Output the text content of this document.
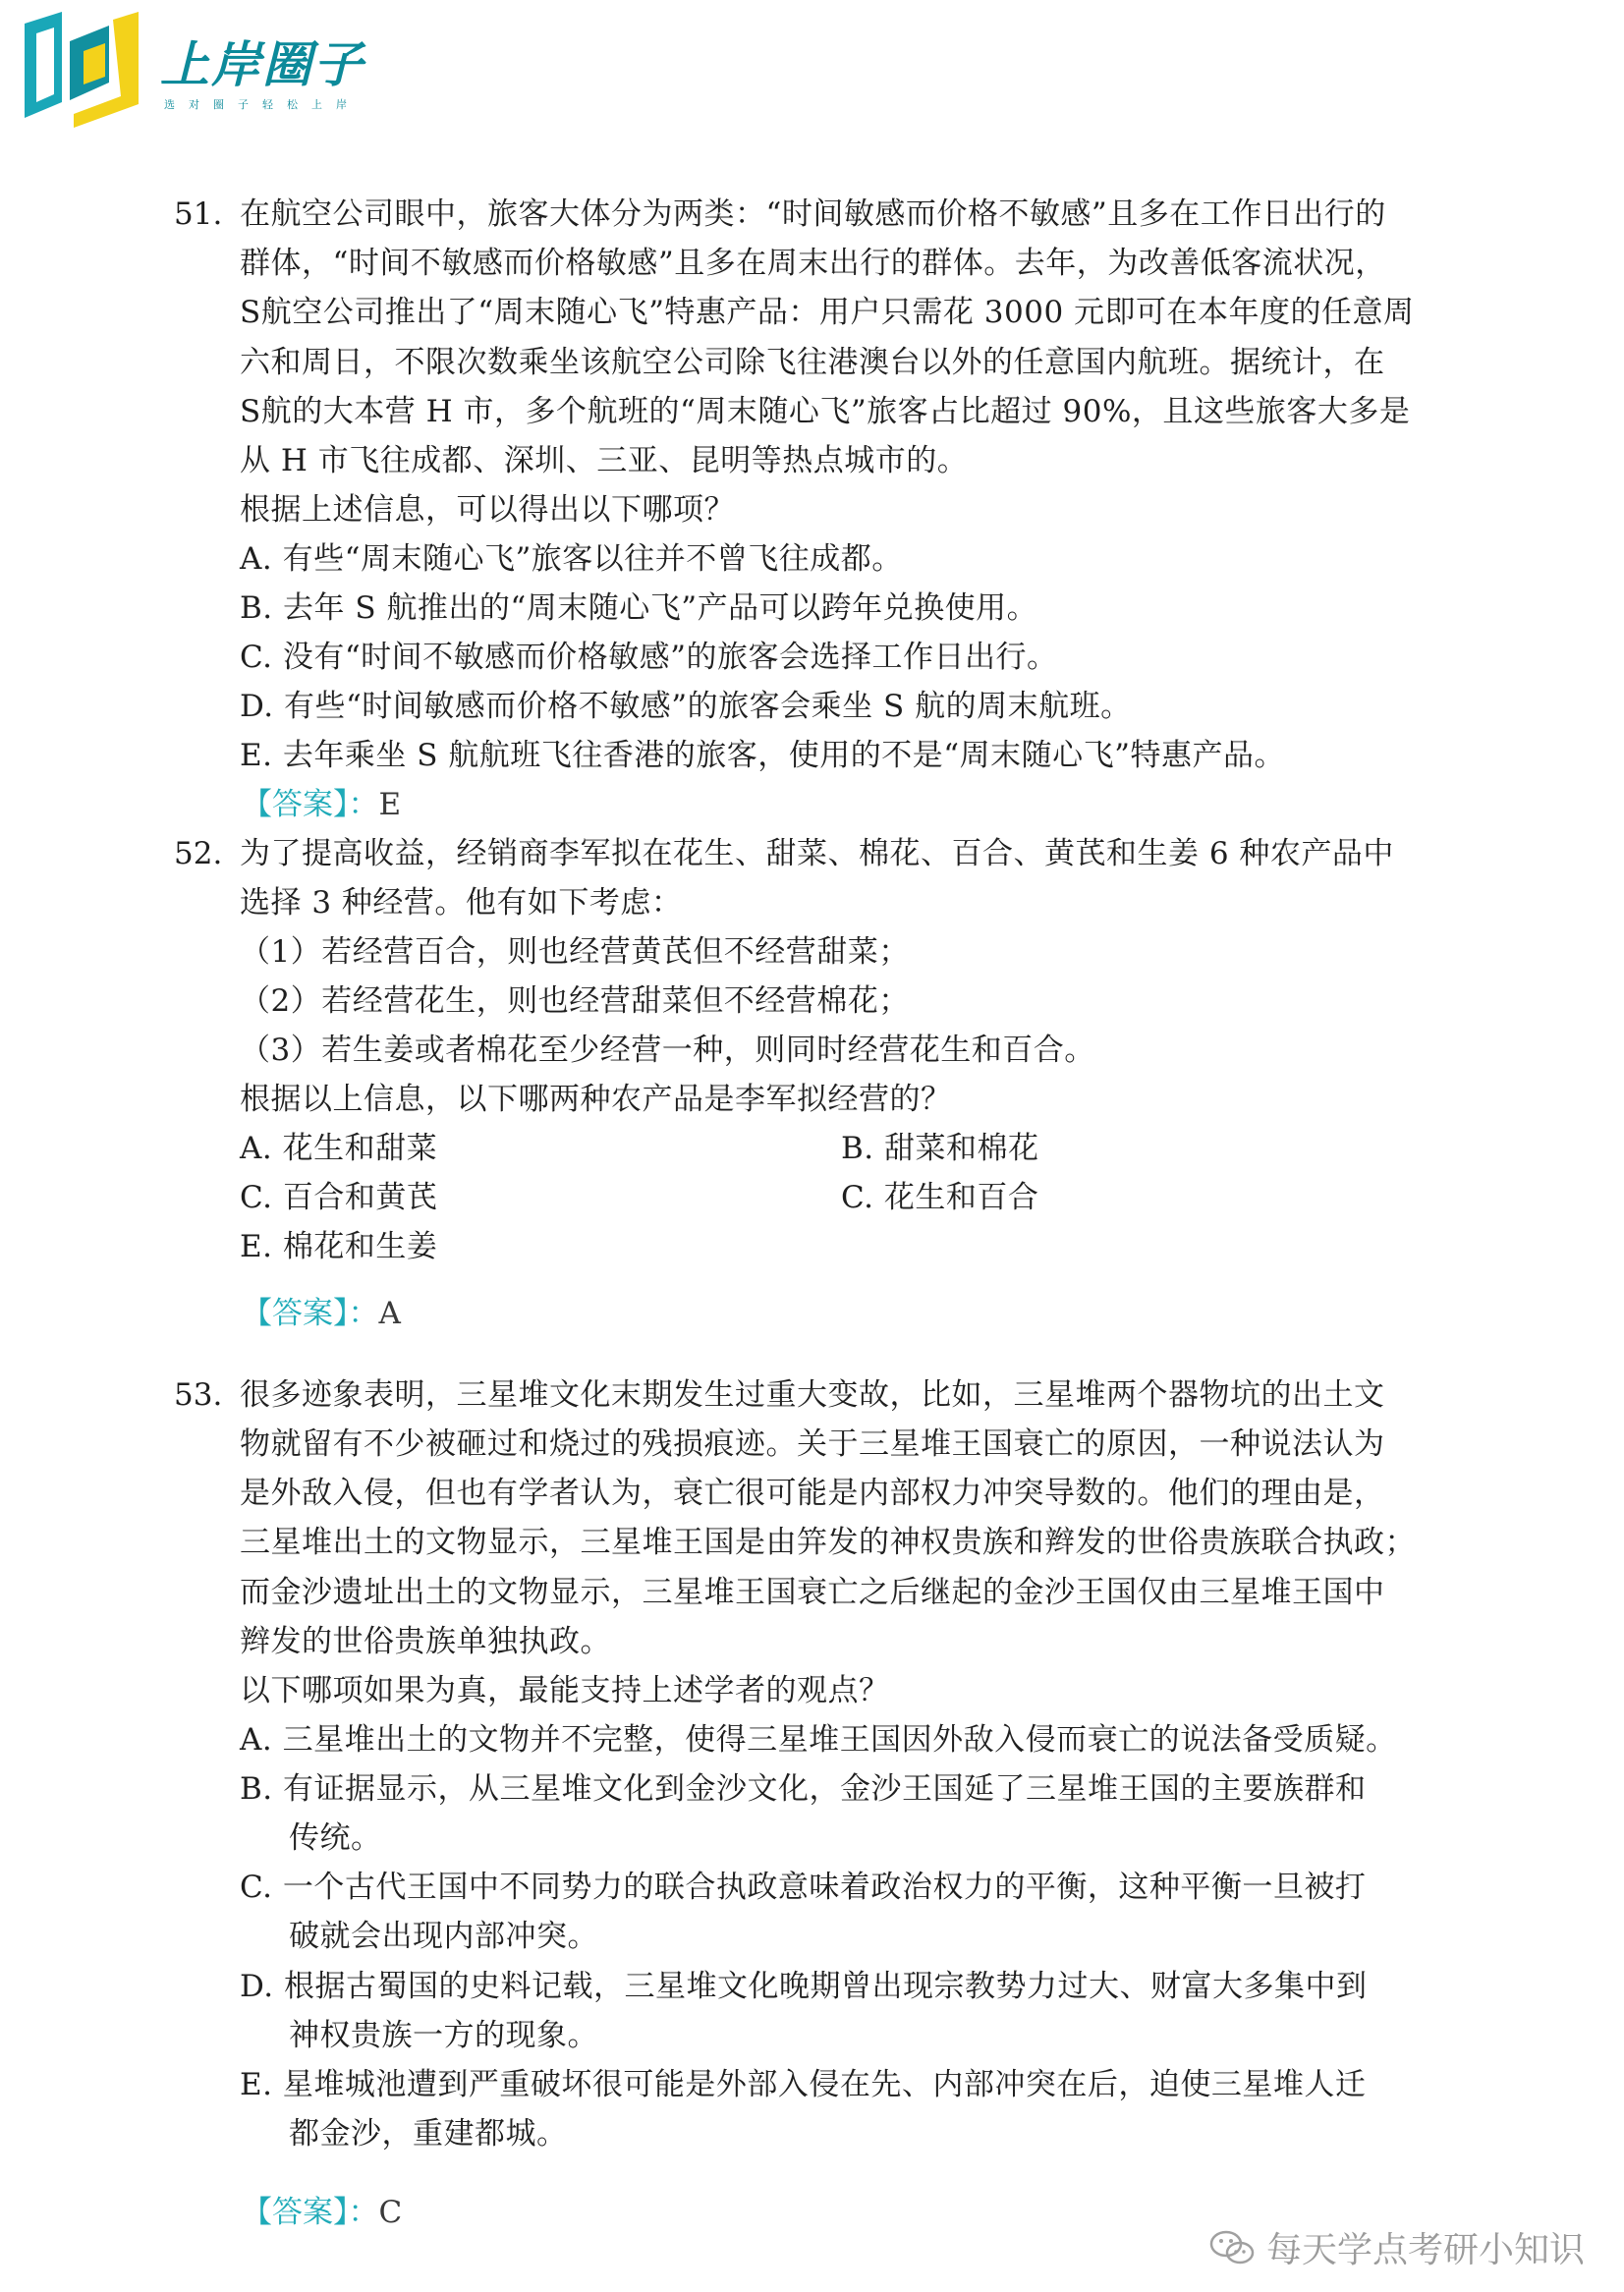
上岸圈子
选对圈子轻松上岸
51. 在航空公司眼中，旅客大体分为两类：“时间敏感而价格不敏感”且多在工作日出行的
群体，“时间不敏感而价格敏感”且多在周末出行的群体。去年，为改善低客流状况，
S航空公司推出了“周末随心飞”特惠产品：用户只需花 3000 元即可在本年度的任意周
六和周日，不限次数乘坐该航空公司除飞往港澳台以外的任意国内航班。据统计，在
S航的大本营 H 市，多个航班的“周末随心飞”旅客占比超过 90%，且这些旅客大多是
从 H 市飞往成都、深圳、三亚、昆明等热点城市的。
根据上述信息，可以得出以下哪项？
A. 有些“周末随心飞”旅客以往并不曾飞往成都。
B. 去年 S 航推出的“周末随心飞”产品可以跨年兑换使用。
C. 没有“时间不敏感而价格敏感”的旅客会选择工作日出行。
D. 有些“时间敏感而价格不敏感”的旅客会乘坐 S 航的周末航班。
E. 去年乘坐 S 航航班飞往香港的旅客，使用的不是“周末随心飞”特惠产品。
【答案】：E
52. 为了提高收益，经销商李军拟在花生、甜菜、棉花、百合、黄芪和生姜 6 种农产品中
选择 3 种经营。他有如下考虑：
（1）若经营百合，则也经营黄芪但不经营甜菜；
（2）若经营花生，则也经营甜菜但不经营棉花；
（3）若生姜或者棉花至少经营一种，则同时经营花生和百合。
根据以上信息，以下哪两种农产品是李军拟经营的？
A. 花生和甜菜	B. 甜菜和棉花
C. 百合和黄芪	C. 花生和百合
E. 棉花和生姜
【答案】：A
53. 很多迹象表明，三星堆文化末期发生过重大变故，比如，三星堆两个器物坑的出土文
物就留有不少被砸过和烧过的残损痕迹。关于三星堆王国衰亡的原因，一种说法认为
是外敌入侵，但也有学者认为，衰亡很可能是内部权力冲突导数的。他们的理由是，
三星堆出土的文物显示，三星堆王国是由笄发的神权贵族和辫发的世俗贵族联合执政；
而金沙遗址出土的文物显示，三星堆王国衰亡之后继起的金沙王国仅由三星堆王国中
辫发的世俗贵族单独执政。
以下哪项如果为真，最能支持上述学者的观点？
A. 三星堆出土的文物并不完整，使得三星堆王国因外敌入侵而衰亡的说法备受质疑。
B. 有证据显示，从三星堆文化到金沙文化，金沙王国延了三星堆王国的主要族群和
传统。
C. 一个古代王国中不同势力的联合执政意味着政治权力的平衡，这种平衡一旦被打
破就会出现内部冲突。
D. 根据古蜀国的史料记载，三星堆文化晚期曾出现宗教势力过大、财富大多集中到
神权贵族一方的现象。
E. 星堆城池遭到严重破坏很可能是外部入侵在先、内部冲突在后，迫使三星堆人迁
都金沙，重建都城。
【答案】：C
每天学点考研小知识
